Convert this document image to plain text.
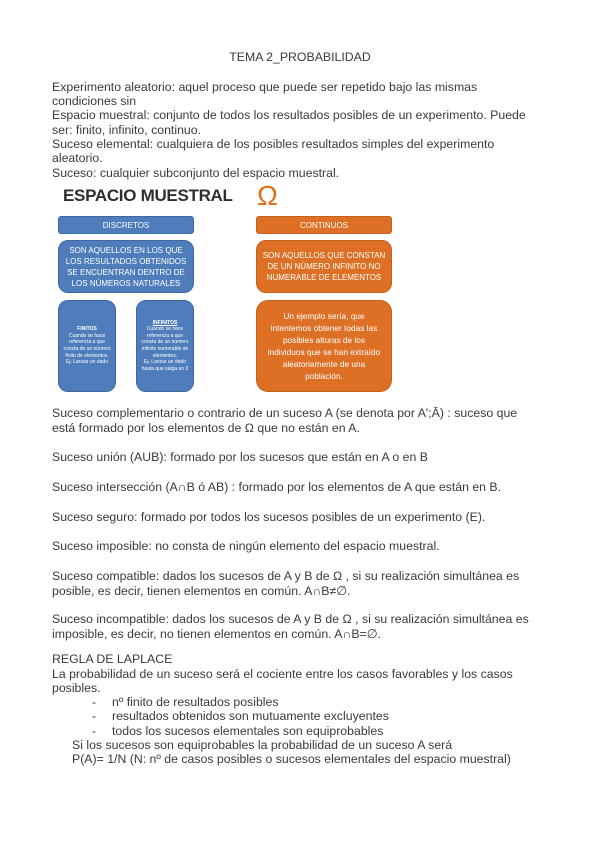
TEMA 2_PROBABILIDAD
Experimento aleatorio: aquel proceso que puede ser repetido bajo las mismas
condiciones sin
Espacio muestral: conjunto de todos los resultados posibles de un experimento. Puede
ser: finito, infinito, continuo.
Suceso elemental: cualquiera de los posibles resultados simples del experimento
aleatorio.
Suceso: cualquier subconjunto del espacio muestral.
ESPACIO MUESTRAL Ω
DISCRETOS
SON AQUELLOS EN LOS QUE LOS RESULTADOS OBTENIDOS SE ENCUENTRAN DENTRO DE LOS NÚMEROS NATURALES
FINITOS
Cuando se hace referencia a que consta de un número finito de elementos.
Ej. Lanzar un dado
INFINITOS
Cuando se hace referencia a que consta de un número infinito numerable de elementos.
Ej. Lanzar un dado hasta que salga un 3
CONTINUOS
SON AQUELLOS QUE CONSTAN DE UN NÚMERO INFINITO NO NUMERABLE DE ELEMENTOS
Un ejemplo sería, que intentemos obtener todas las posibles alturas de los individuos que se han extraído aleatoriamente de una población.
Suceso complementario o contrario de un suceso A (se denota por A';Ā) : suceso que
está formado por los elementos de Ω que no están en A.
Suceso unión (AUB): formado por los sucesos que están en A o en B
Suceso intersección (A∩B ó AB) : formado por los elementos de A que están en B.
Suceso seguro: formado por todos los sucesos posibles de un experimento (E).
Suceso imposible: no consta de ningún elemento del espacio muestral.
Suceso compatible: dados los sucesos de A y B de Ω , si su realización simultánea es
posible, es decir, tienen elementos en común. A∩B≠∅.
Suceso incompatible: dados los sucesos de A y B de Ω , si su realización simultánea es
imposible, es decir, no tienen elementos en común. A∩B=∅.
REGLA DE LAPLACE
La probabilidad de un suceso será el cociente entre los casos favorables y los casos
posibles.
- nº finito de resultados posibles
- resultados obtenidos son mutuamente excluyentes
- todos los sucesos elementales son equiprobables
Si los sucesos son equiprobables la probabilidad de un suceso A será
P(A)= 1/N (N: nº de casos posibles o sucesos elementales del espacio muestral)
